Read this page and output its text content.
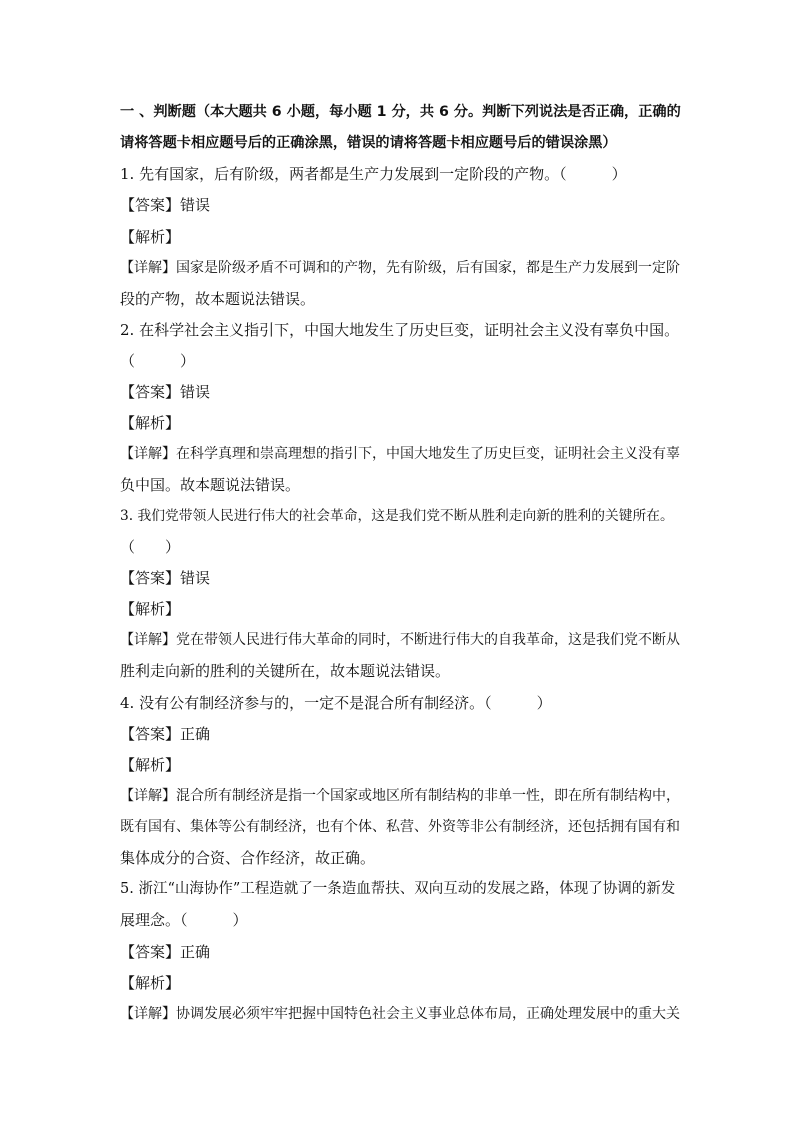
一 、判断题（本大题共 6 小题，每小题 1 分，共 6 分。判断下列说法是否正确，正确的
请将答题卡相应题号后的正确涂黑，错误的请将答题卡相应题号后的错误涂黑）
1. 先有国家，后有阶级，两者都是生产力发展到一定阶段的产物。（　　　）
【答案】错误
【解析】
【详解】国家是阶级矛盾不可调和的产物，先有阶级，后有国家，都是生产力发展到一定阶
段的产物，故本题说法错误。
2. 在科学社会主义指引下，中国大地发生了历史巨变，证明社会主义没有辜负中国。
（　　　）
【答案】错误
【解析】
【详解】在科学真理和崇高理想的指引下，中国大地发生了历史巨变，证明社会主义没有辜
负中国。故本题说法错误。
3. 我们党带领人民进行伟大的社会革命，这是我们党不断从胜利走向新的胜利的关键所在。
（　　）
【答案】错误
【解析】
【详解】党在带领人民进行伟大革命的同时，不断进行伟大的自我革命，这是我们党不断从
胜利走向新的胜利的关键所在，故本题说法错误。
4. 没有公有制经济参与的，一定不是混合所有制经济。（　　　）
【答案】正确
【解析】
【详解】混合所有制经济是指一个国家或地区所有制结构的非单一性，即在所有制结构中，
既有国有、集体等公有制经济，也有个体、私营、外资等非公有制经济，还包括拥有国有和
集体成分的合资、合作经济，故正确。
5. 浙江“山海协作”工程造就了一条造血帮扶、双向互动的发展之路，体现了协调的新发
展理念。（　　　）
【答案】正确
【解析】
【详解】协调发展必须牢牢把握中国特色社会主义事业总体布局，正确处理发展中的重大关
